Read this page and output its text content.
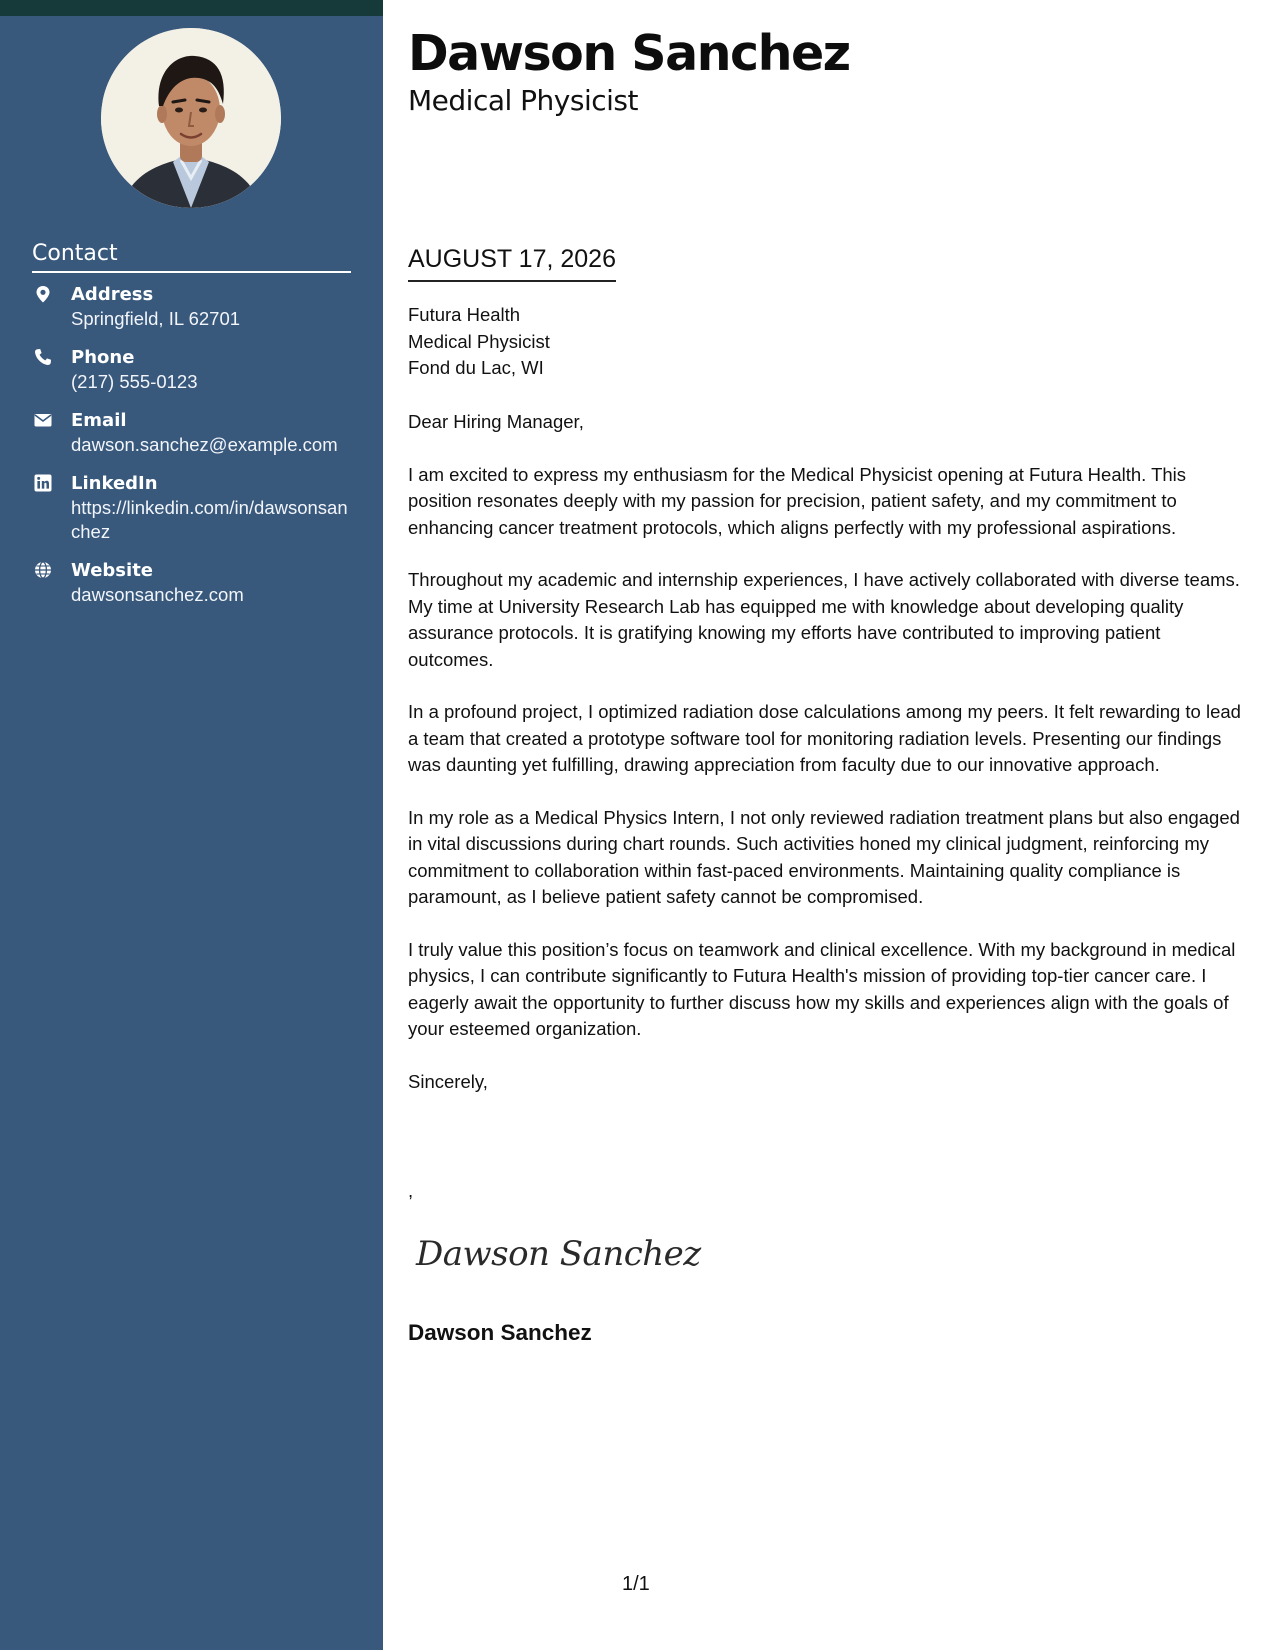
Contact
Address
Springfield, IL 62701
Phone
(217) 555-0123
Email
dawson.sanchez@example.com
LinkedIn
https://linkedin.com/in/dawsonsanchez
Website
dawsonsanchez.com
Dawson Sanchez
Medical Physicist
AUGUST 17, 2026
Futura Health
Medical Physicist
Fond du Lac, WI

Dear Hiring Manager,

I am excited to express my enthusiasm for the Medical Physicist opening at Futura Health. This position resonates deeply with my passion for precision, patient safety, and my commitment to enhancing cancer treatment protocols, which aligns perfectly with my professional aspirations.

Throughout my academic and internship experiences, I have actively collaborated with diverse teams. My time at University Research Lab has equipped me with knowledge about developing quality assurance protocols. It is gratifying knowing my efforts have contributed to improving patient outcomes.

In a profound project, I optimized radiation dose calculations among my peers. It felt rewarding to lead a team that created a prototype software tool for monitoring radiation levels. Presenting our findings was daunting yet fulfilling, drawing appreciation from faculty due to our innovative approach.

In my role as a Medical Physics Intern, I not only reviewed radiation treatment plans but also engaged in vital discussions during chart rounds. Such activities honed my clinical judgment, reinforcing my commitment to collaboration within fast-paced environments. Maintaining quality compliance is paramount, as I believe patient safety cannot be compromised.

I truly value this position’s focus on teamwork and clinical excellence. With my background in medical physics, I can contribute significantly to Futura Health's mission of providing top-tier cancer care. I eagerly await the opportunity to further discuss how my skills and experiences align with the goals of your esteemed organization.

Sincerely,

,
Dawson Sanchez
Dawson Sanchez
1/1
